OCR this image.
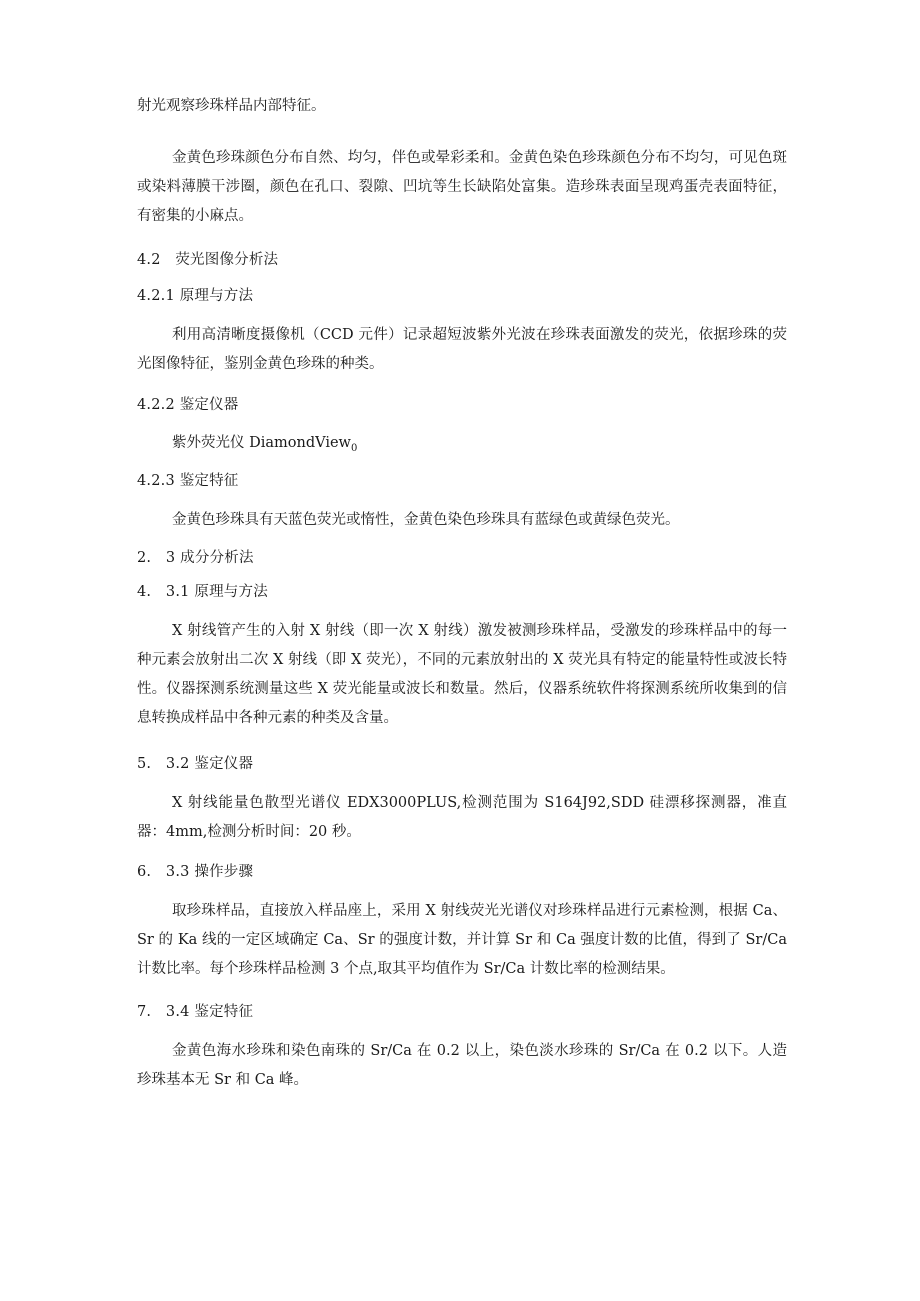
射光观察珍珠样品内部特征。

金黄色珍珠颜色分布自然、均匀，伴色或晕彩柔和。金黄色染色珍珠颜色分布不均匀，可见色斑或染料薄膜干涉圈，颜色在孔口、裂隙、凹坑等生长缺陷处富集。造珍珠表面呈现鸡蛋壳表面特征，有密集的小麻点。

4.2　荧光图像分析法

4.2.1 原理与方法

利用高清晰度摄像机（CCD 元件）记录超短波紫外光波在珍珠表面激发的荧光，依据珍珠的荧光图像特征，鉴别金黄色珍珠的种类。

4.2.2 鉴定仪器

紫外荧光仪 DiamondView$_0$

4.2.3 鉴定特征

金黄色珍珠具有天蓝色荧光或惰性，金黄色染色珍珠具有蓝绿色或黄绿色荧光。

2.　3 成分分析法

4.　3.1 原理与方法

X 射线管产生的入射 X 射线（即一次 X 射线）激发被测珍珠样品，受激发的珍珠样品中的每一种元素会放射出二次 X 射线（即 X 荧光），不同的元素放射出的 X 荧光具有特定的能量特性或波长特性。仪器探测系统测量这些 X 荧光能量或波长和数量。然后，仪器系统软件将探测系统所收集到的信息转换成样品中各种元素的种类及含量。

5.　3.2 鉴定仪器

X 射线能量色散型光谱仪 EDX3000PLUS,检测范围为 S164J92,SDD 硅漂移探测器，准直器：4mm,检测分析时间：20 秒。

6.　3.3 操作步骤

取珍珠样品，直接放入样品座上，采用 X 射线荧光光谱仪对珍珠样品进行元素检测，根据 Ca、Sr 的 Ka 线的一定区域确定 Ca、Sr 的强度计数，并计算 Sr 和 Ca 强度计数的比值，得到了 Sr/Ca 计数比率。每个珍珠样品检测 3 个点,取其平均值作为 Sr/Ca 计数比率的检测结果。

7.　3.4 鉴定特征

金黄色海水珍珠和染色南珠的 Sr/Ca 在 0.2 以上，染色淡水珍珠的 Sr/Ca 在 0.2 以下。人造珍珠基本无 Sr 和 Ca 峰。
